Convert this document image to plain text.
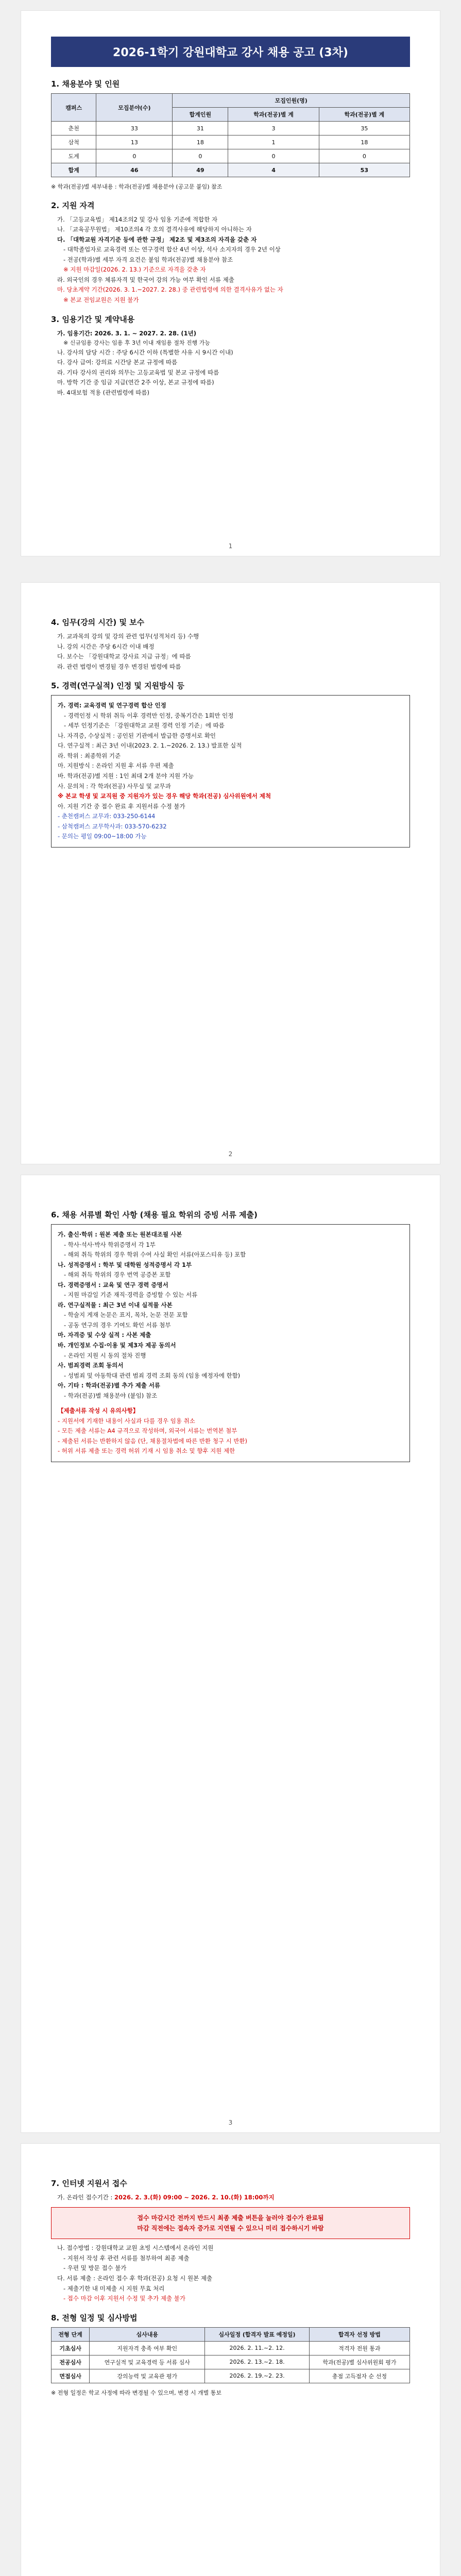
2026-1학기 강원대학교 강사 채용 공고 (3차)
1. 채용분야 및 인원
캠퍼스	모집분야(수)	모집인원(명)		
		합계인원	학과(전공)별 계	학과(전공)별 계
춘천	33	31	3	35
삼척	13	18	1	18
도계	0	0	0	0
합계	46	49	4	53

※ 학과(전공)별 세부내용 : 학과(전공)별 채용분야 (공고문 붙임) 참조

2. 지원 자격

가. 「고등교육법」 제14조의2 및 강사 임용 기준에 적합한 자

나. 「교육공무원법」 제10조의4 각 호의 결격사유에 해당하지 아니하는 자

다. 「대학교원 자격기준 등에 관한 규정」 제2조 및 제3조의 자격을 갖춘 자

- 대학졸업자로 교육경력 또는 연구경력 합산 4년 이상, 석사 소지자의 경우 2년 이상

- 전공(학과)별 세부 자격 요건은 붙임 학과(전공)별 채용분야 참조

※ 지원 마감일(2026. 2. 13.) 기준으로 자격을 갖춘 자

라. 외국인의 경우 체류자격 및 한국어 강의 가능 여부 확인 서류 제출

마. 당초계약 기간(2026. 3. 1.~2027. 2. 28.) 중 관련법령에 의한 결격사유가 없는 자

※ 본교 전임교원은 지원 불가

3. 임용기간 및 계약내용

가. 임용기간: 2026. 3. 1. ~ 2027. 2. 28. (1년)

※ 신규임용 강사는 임용 후 3년 이내 재임용 절차 진행 가능

나. 강사의 담당 시간 : 주당 6시간 이하 (특별한 사유 시 9시간 이내)

다. 강사 급여: 강의료 시간당 본교 규정에 따름

라. 기타 강사의 권리와 의무는 고등교육법 및 본교 규정에 따름

마. 방학 기간 중 임금 지급(연간 2주 이상, 본교 규정에 따름)

바. 4대보험 적용 (관련법령에 따름)

1
4. 임무(강의 시간) 및 보수

가. 교과목의 강의 및 강의 관련 업무(성적처리 등) 수행

나. 강의 시간은 주당 6시간 이내 배정

다. 보수는 「강원대학교 강사료 지급 규정」에 따름

라. 관련 법령이 변경될 경우 변경된 법령에 따름

5. 경력(연구실적) 인정 및 지원방식 등

가. 경력: 교육경력 및 연구경력 합산 인정

- 경력인정 시 학위 취득 이후 경력만 인정, 중복기간은 1회만 인정

- 세부 인정기준은 「강원대학교 교원 경력 인정 기준」에 따름

나. 자격증, 수상실적 : 공인된 기관에서 발급한 증명서로 확인

다. 연구실적 : 최근 3년 이내(2023. 2. 1.~2026. 2. 13.) 발표한 실적

라. 학위 : 최종학위 기준

마. 지원방식 : 온라인 지원 후 서류 우편 제출

바. 학과(전공)별 지원 : 1인 최대 2개 분야 지원 가능

사. 문의처 : 각 학과(전공) 사무실 및 교무과

※ 본교 학생 및 교직원 중 지원자가 있는 경우 해당 학과(전공) 심사위원에서 제척

아. 지원 기간 중 접수 완료 후 지원서류 수정 불가

- 춘천캠퍼스 교무과: 033-250-6144

- 삼척캠퍼스 교무학사과: 033-570-6232

- 문의는 평일 09:00~18:00 가능

2
6. 채용 서류별 확인 사항 (채용 필요 학위의 증빙 서류 제출)

가. 출신·학위 : 원본 제출 또는 원본대조필 사본

- 학사·석사·박사 학위증명서 각 1부

- 해외 취득 학위의 경우 학위 수여 사실 확인 서류(아포스티유 등) 포함

나. 성적증명서 : 학부 및 대학원 성적증명서 각 1부

- 해외 취득 학위의 경우 번역 공증본 포함

다. 경력증명서 : 교육 및 연구 경력 증명서

- 지원 마감일 기준 재직·경력을 증빙할 수 있는 서류

라. 연구실적물 : 최근 3년 이내 실적물 사본

- 학술지 게재 논문은 표지, 목차, 논문 전문 포함

- 공동 연구의 경우 기여도 확인 서류 첨부

마. 자격증 및 수상 실적 : 사본 제출

바. 개인정보 수집·이용 및 제3자 제공 동의서

- 온라인 지원 시 동의 절차 진행

사. 범죄경력 조회 동의서

- 성범죄 및 아동학대 관련 범죄 경력 조회 동의 (임용 예정자에 한함)

아. 기타 : 학과(전공)별 추가 제출 서류

- 학과(전공)별 채용분야 (붙임) 참조

【제출서류 작성 시 유의사항】

- 지원서에 기재한 내용이 사실과 다를 경우 임용 취소

- 모든 제출 서류는 A4 규격으로 작성하며, 외국어 서류는 번역본 첨부

- 제출된 서류는 반환하지 않음 (단, 채용절차법에 따른 반환 청구 시 반환)

- 허위 서류 제출 또는 경력 허위 기재 시 임용 취소 및 향후 지원 제한

3
7. 인터넷 지원서 접수

가. 온라인 접수기간 : 2026. 2. 3.(화) 09:00 ~ 2026. 2. 10.(화) 18:00까지

접수 마감시간 전까지 반드시 최종 제출 버튼을 눌러야 접수가 완료됨
마감 직전에는 접속자 증가로 지연될 수 있으니 미리 접수하시기 바람

나. 접수방법 : 강원대학교 교원 초빙 시스템에서 온라인 지원

- 지원서 작성 후 관련 서류를 첨부하여 최종 제출

- 우편 및 방문 접수 불가

다. 서류 제출 : 온라인 접수 후 학과(전공) 요청 시 원본 제출

- 제출기한 내 미제출 시 지원 무효 처리

- 접수 마감 이후 지원서 수정 및 추가 제출 불가

8. 전형 일정 및 심사방법
전형 단계	심사내용	심사일정 (합격자 발표 예정일)	합격자 선정 방법
기초심사	지원자격 충족 여부 확인	2026. 2. 11.~2. 12.	적격자 전원 통과
전공심사	연구실적 및 교육경력 등 서류 심사	2026. 2. 13.~2. 18.	학과(전공)별 심사위원회 평가
면접심사	강의능력 및 교육관 평가	2026. 2. 19.~2. 23.	총점 고득점자 순 선정

※ 전형 일정은 학교 사정에 따라 변경될 수 있으며, 변경 시 개별 통보
